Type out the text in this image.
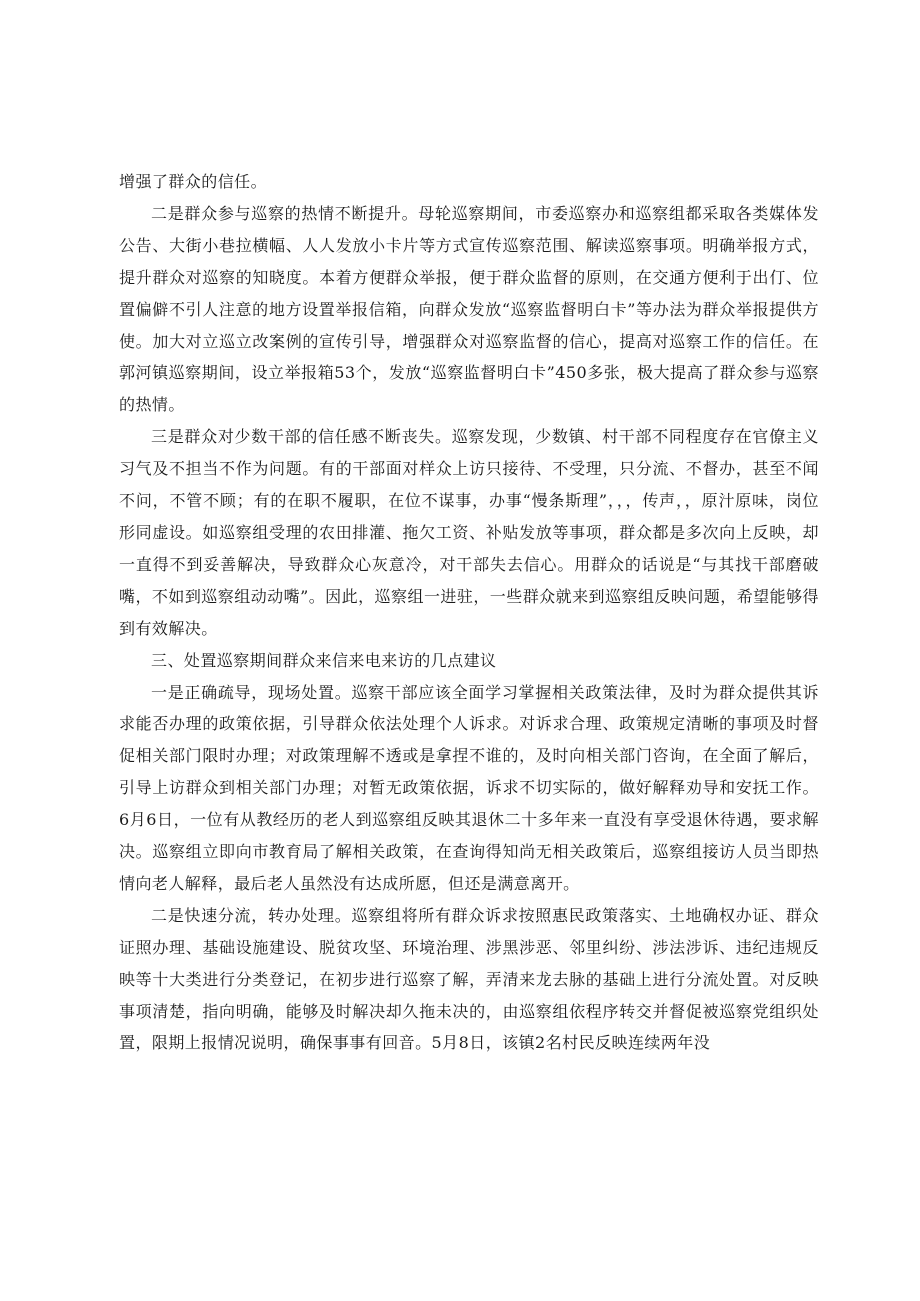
增强了群众的信任。

二是群众参与巡察的热情不断提升。母轮巡察期间，市委巡察办和巡察组都采取各类媒体发公告、大街小巷拉横幅、人人发放小卡片等方式宣传巡察范围、解读巡察事项。明确举报方式，提升群众对巡察的知晓度。本着方便群众举报，便于群众监督的原则，在交通方便利于出仃、位置偏僻不引人注意的地方设置举报信箱，向群众发放“巡察监督明白卡”等办法为群众举报提供方使。加大对立巡立改案例的宣传引导，增强群众对巡察监督的信心，提高对巡察工作的信任。在郭河镇巡察期间，设立举报箱53个，发放“巡察监督明白卡”450多张，极大提高了群众参与巡察的热情。

三是群众对少数干部的信任感不断丧失。巡察发现，少数镇、村干部不同程度存在官僚主义习气及不担当不作为问题。有的干部面对样众上访只接待、不受理，只分流、不督办，甚至不闻不问，不管不顾；有的在职不履职，在位不谋事，办事“慢条斯理”，，，传声，，原汁原味，岗位形同虚设。如巡察组受理的农田排灌、拖欠工资、补贴发放等事项，群众都是多次向上反映，却一直得不到妥善解决，导致群众心灰意冷，对干部失去信心。用群众的话说是“与其找干部磨破嘴，不如到巡察组动动嘴”。因此，巡察组一进驻，一些群众就来到巡察组反映问题，希望能够得到有效解决。

三、处置巡察期间群众来信来电来访的几点建议

一是正确疏导，现场处置。巡察干部应该全面学习掌握相关政策法律，及时为群众提供其诉求能否办理的政策依据，引导群众依法处理个人诉求。对诉求合理、政策规定清晰的事项及时督促相关部门限时办理；对政策理解不透或是拿捏不谁的，及时向相关部门咨询，在全面了解后，引导上访群众到相关部门办理；对暂无政策依据，诉求不切实际的，做好解释劝导和安抚工作。6月6日，一位有从教经历的老人到巡察组反映其退休二十多年来一直没有享受退休待遇，要求解决。巡察组立即向市教育局了解相关政策，在查询得知尚无相关政策后，巡察组接访人员当即热情向老人解释，最后老人虽然没有达成所愿，但还是满意离开。

二是快速分流，转办处理。巡察组将所有群众诉求按照惠民政策落实、土地确权办证、群众证照办理、基础设施建设、脱贫攻坚、环境治理、涉黑涉恶、邻里纠纷、涉法涉诉、违纪违规反映等十大类进行分类登记，在初步进行巡察了解，弄清来龙去脉的基础上进行分流处置。对反映事项清楚，指向明确，能够及时解决却久拖未决的，由巡察组依程序转交并督促被巡察党组织处置，限期上报情况说明，确保事事有回音。5月8日，该镇2名村民反映连续两年没
